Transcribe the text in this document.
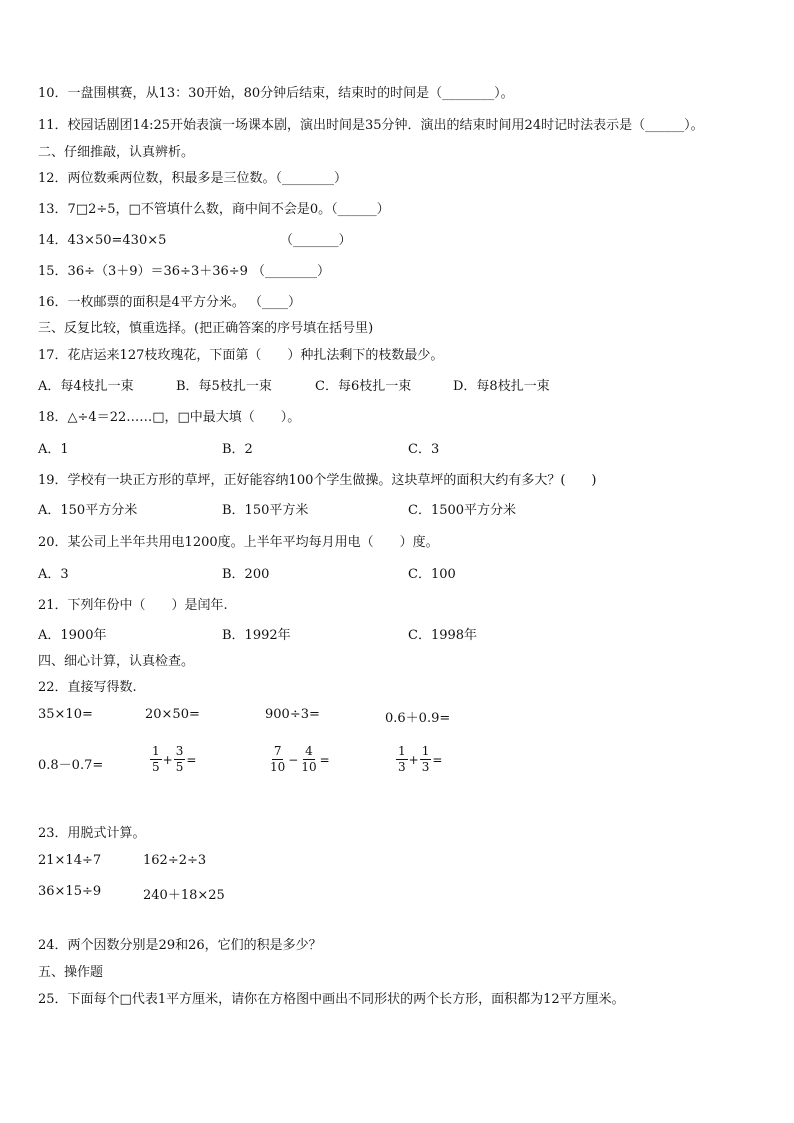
10．一盘围棋赛，从13：30开始，80分钟后结束，结束时的时间是（________）。
11．校园话剧团14:25开始表演一场课本剧，演出时间是35分钟．演出的结束时间用24时记时法表示是（______）。
二、仔细推敲，认真辨析。
12．两位数乘两位数，积最多是三位数。（________）
13．7□2÷5，□不管填什么数，商中间不会是0。（______）
14．43×50=430×5	（_______）
15．36÷（3＋9）＝36÷3＋36÷9 （________）
16．一枚邮票的面积是4平方分米。 （____）
三、反复比较，慎重选择。(把正确答案的序号填在括号里)
17．花店运来127枝玫瑰花，下面第（　　）种扎法剩下的枝数最少。
A．每4枝扎一束	B．每5枝扎一束	C．每6枝扎一束	D．每8枝扎一束
18．△÷4＝22……□，□中最大填（　　）。
A．1	B．2	C．3
19．学校有一块正方形的草坪，正好能容纳100个学生做操。这块草坪的面积大约有多大？(　　)
A．150平方分米	B．150平方米	C．1500平方分米
20．某公司上半年共用电1200度。上半年平均每月用电（　　）度。
A．3	B．200	C．100
21．下列年份中（　　）是闰年.
A．1900年	B．1992年	C．1998年
四、细心计算，认真检查。
22．直接写得数.
35×10=	20×50=	900÷3=	0.6＋0.9=
0.8－0.7=	$\frac{1}{5} + \frac{3}{5}$ =	$\frac{7}{10} - \frac{4}{10}$ =	$\frac{1}{3} + \frac{1}{3}$ =
23．用脱式计算。
21×14÷7	162÷2÷3
36×15÷9	240＋18×25
24．两个因数分别是29和26，它们的积是多少？
五、操作题
25．下面每个□代表1平方厘米，请你在方格图中画出不同形状的两个长方形，面积都为12平方厘米。
